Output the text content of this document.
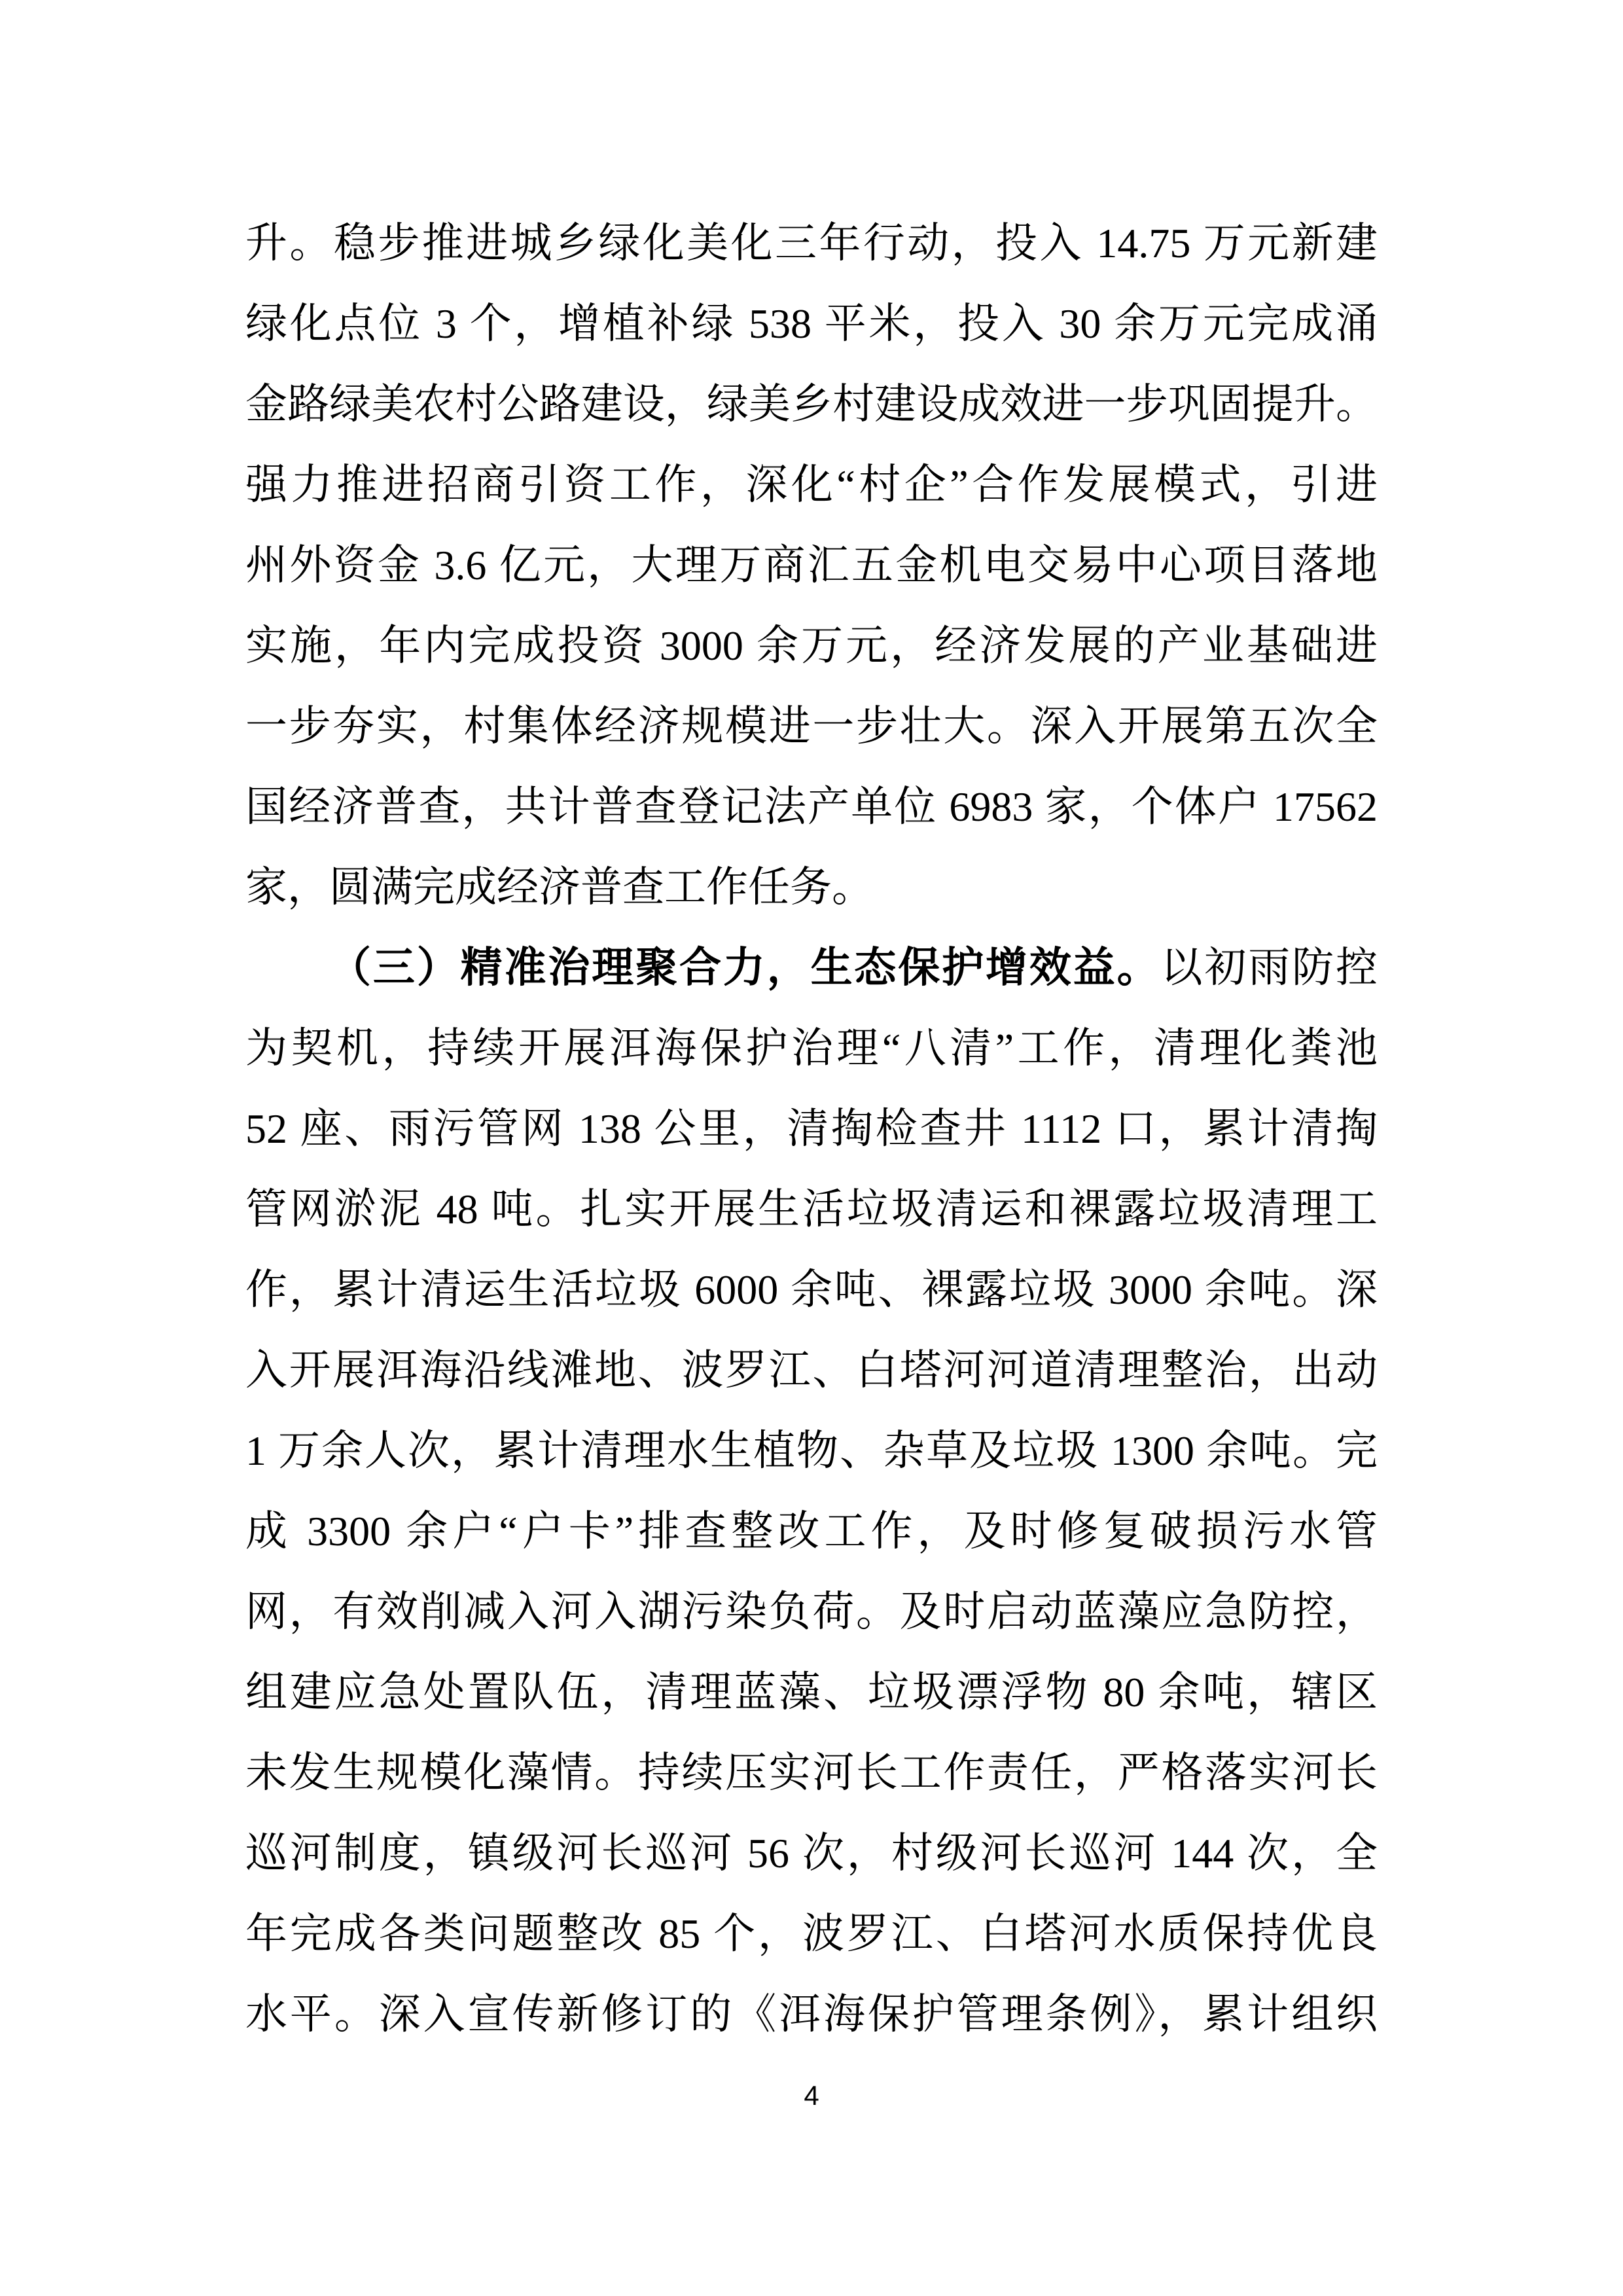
升。稳步推进城乡绿化美化三年行动，投入 14.75 万元新建
绿化点位 3 个，增植补绿 538 平米，投入 30 余万元完成涌
金路绿美农村公路建设，绿美乡村建设成效进一步巩固提升。
强力推进招商引资工作，深化“村企”合作发展模式，引进
州外资金 3.6 亿元，大理万商汇五金机电交易中心项目落地
实施，年内完成投资 3000 余万元，经济发展的产业基础进
一步夯实，村集体经济规模进一步壮大。深入开展第五次全
国经济普查，共计普查登记法产单位 6983 家，个体户 17562
家，圆满完成经济普查工作任务。
（三）精准治理聚合力，生态保护增效益。以初雨防控
为契机，持续开展洱海保护治理“八清”工作，清理化粪池
52 座、雨污管网 138 公里，清掏检查井 1112 口，累计清掏
管网淤泥 48 吨。扎实开展生活垃圾清运和裸露垃圾清理工
作，累计清运生活垃圾 6000 余吨、裸露垃圾 3000 余吨。深
入开展洱海沿线滩地、波罗江、白塔河河道清理整治，出动
1 万余人次，累计清理水生植物、杂草及垃圾 1300 余吨。完
成 3300 余户“户卡”排查整改工作，及时修复破损污水管
网，有效削减入河入湖污染负荷。及时启动蓝藻应急防控，
组建应急处置队伍，清理蓝藻、垃圾漂浮物 80 余吨，辖区
未发生规模化藻情。持续压实河长工作责任，严格落实河长
巡河制度，镇级河长巡河 56 次，村级河长巡河 144 次，全
年完成各类问题整改 85 个，波罗江、白塔河水质保持优良
水平。深入宣传新修订的《洱海保护管理条例》，累计组织
4
